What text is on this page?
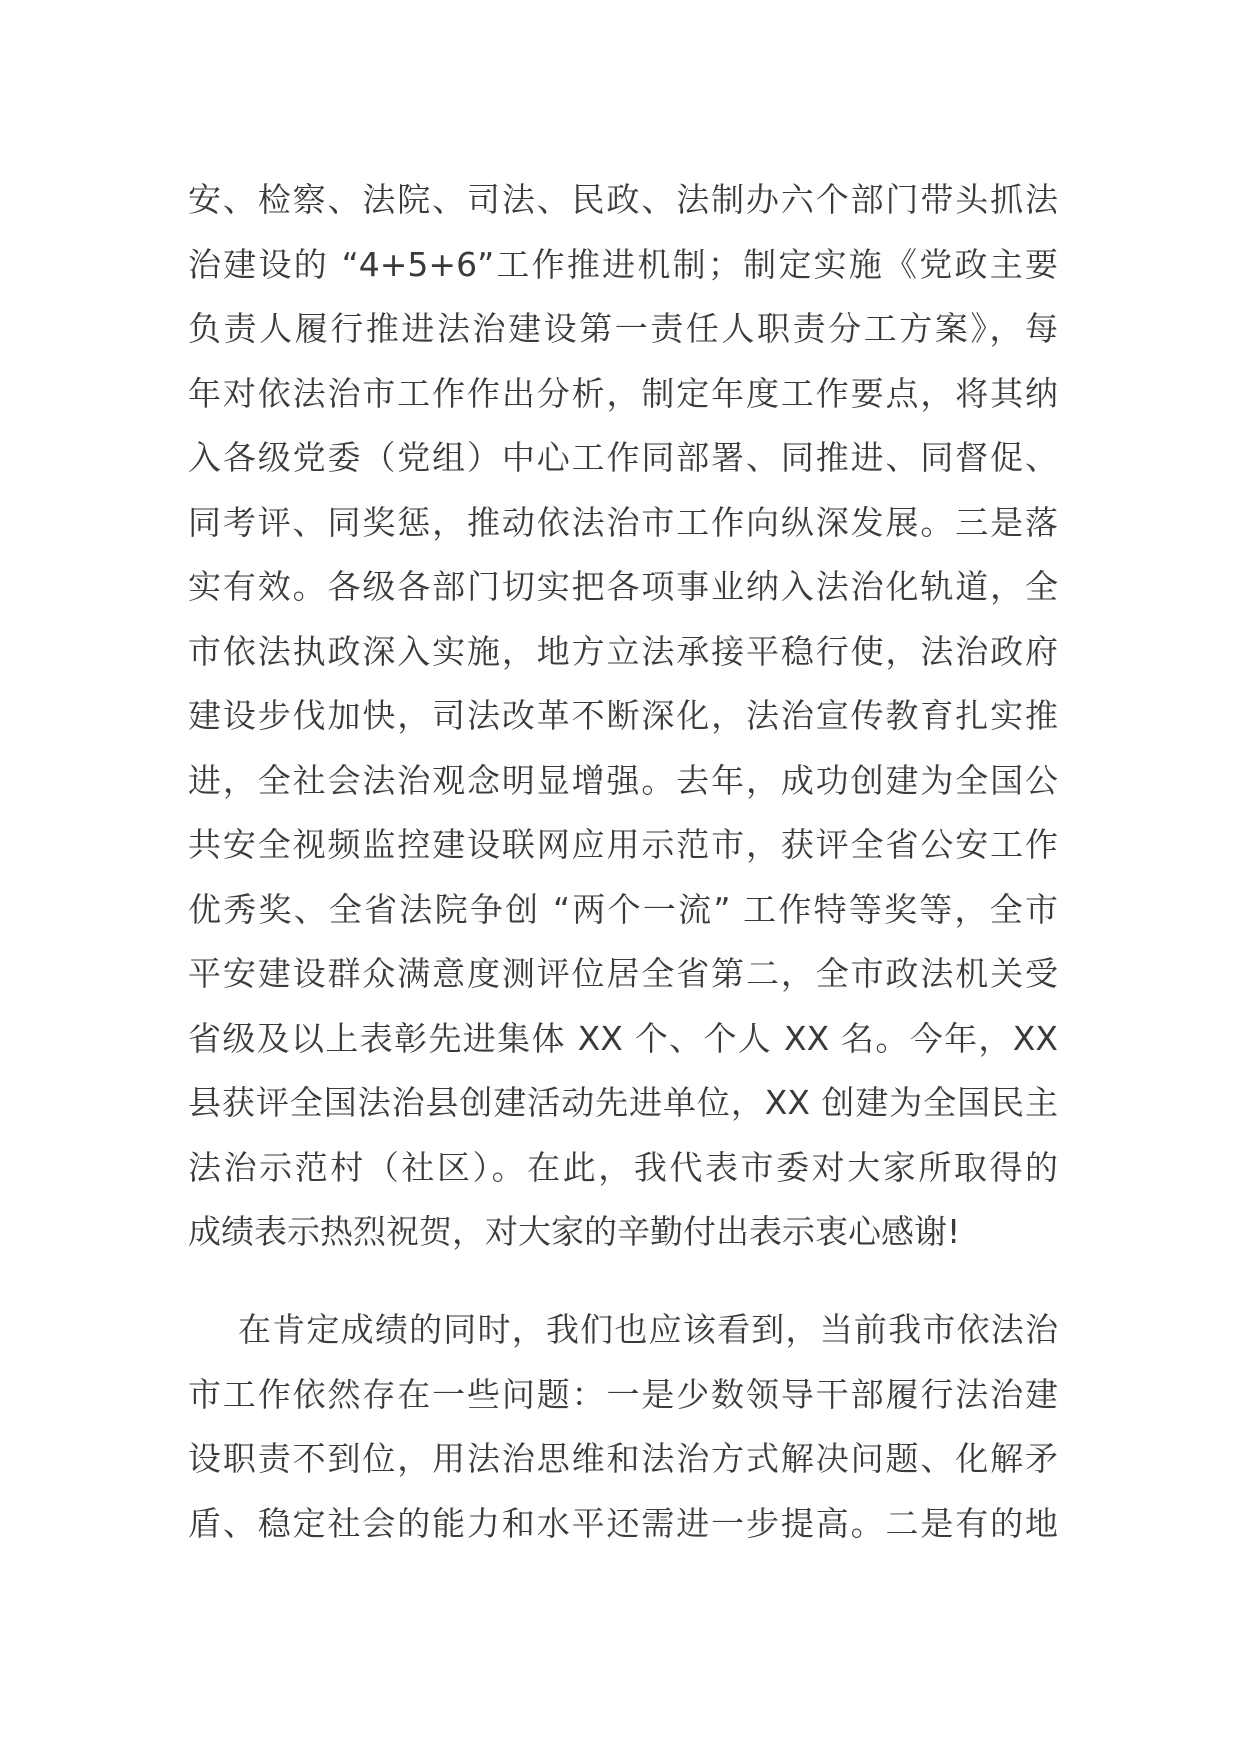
安、检察、法院、司法、民政、法制办六个部门带头抓法
治建设的 “4+5+6”工作推进机制；制定实施《党政主要
负责人履行推进法治建设第一责任人职责分工方案》，每
年对依法治市工作作出分析，制定年度工作要点，将其纳
入各级党委（党组）中心工作同部署、同推进、同督促、
同考评、同奖惩，推动依法治市工作向纵深发展。三是落
实有效。各级各部门切实把各项事业纳入法治化轨道，全
市依法执政深入实施，地方立法承接平稳行使，法治政府
建设步伐加快，司法改革不断深化，法治宣传教育扎实推
进，全社会法治观念明显增强。去年，成功创建为全国公
共安全视频监控建设联网应用示范市，获评全省公安工作
优秀奖、全省法院争创 “两个一流” 工作特等奖等，全市
平安建设群众满意度测评位居全省第二，全市政法机关受
省级及以上表彰先进集体 XX 个、个人 XX 名。今年，XX
县获评全国法治县创建活动先进单位，XX 创建为全国民主
法治示范村（社区）。在此，我代表市委对大家所取得的
成绩表示热烈祝贺，对大家的辛勤付出表示衷心感谢!
在肯定成绩的同时，我们也应该看到，当前我市依法治
市工作依然存在一些问题：一是少数领导干部履行法治建
设职责不到位，用法治思维和法治方式解决问题、化解矛
盾、稳定社会的能力和水平还需进一步提高。二是有的地
